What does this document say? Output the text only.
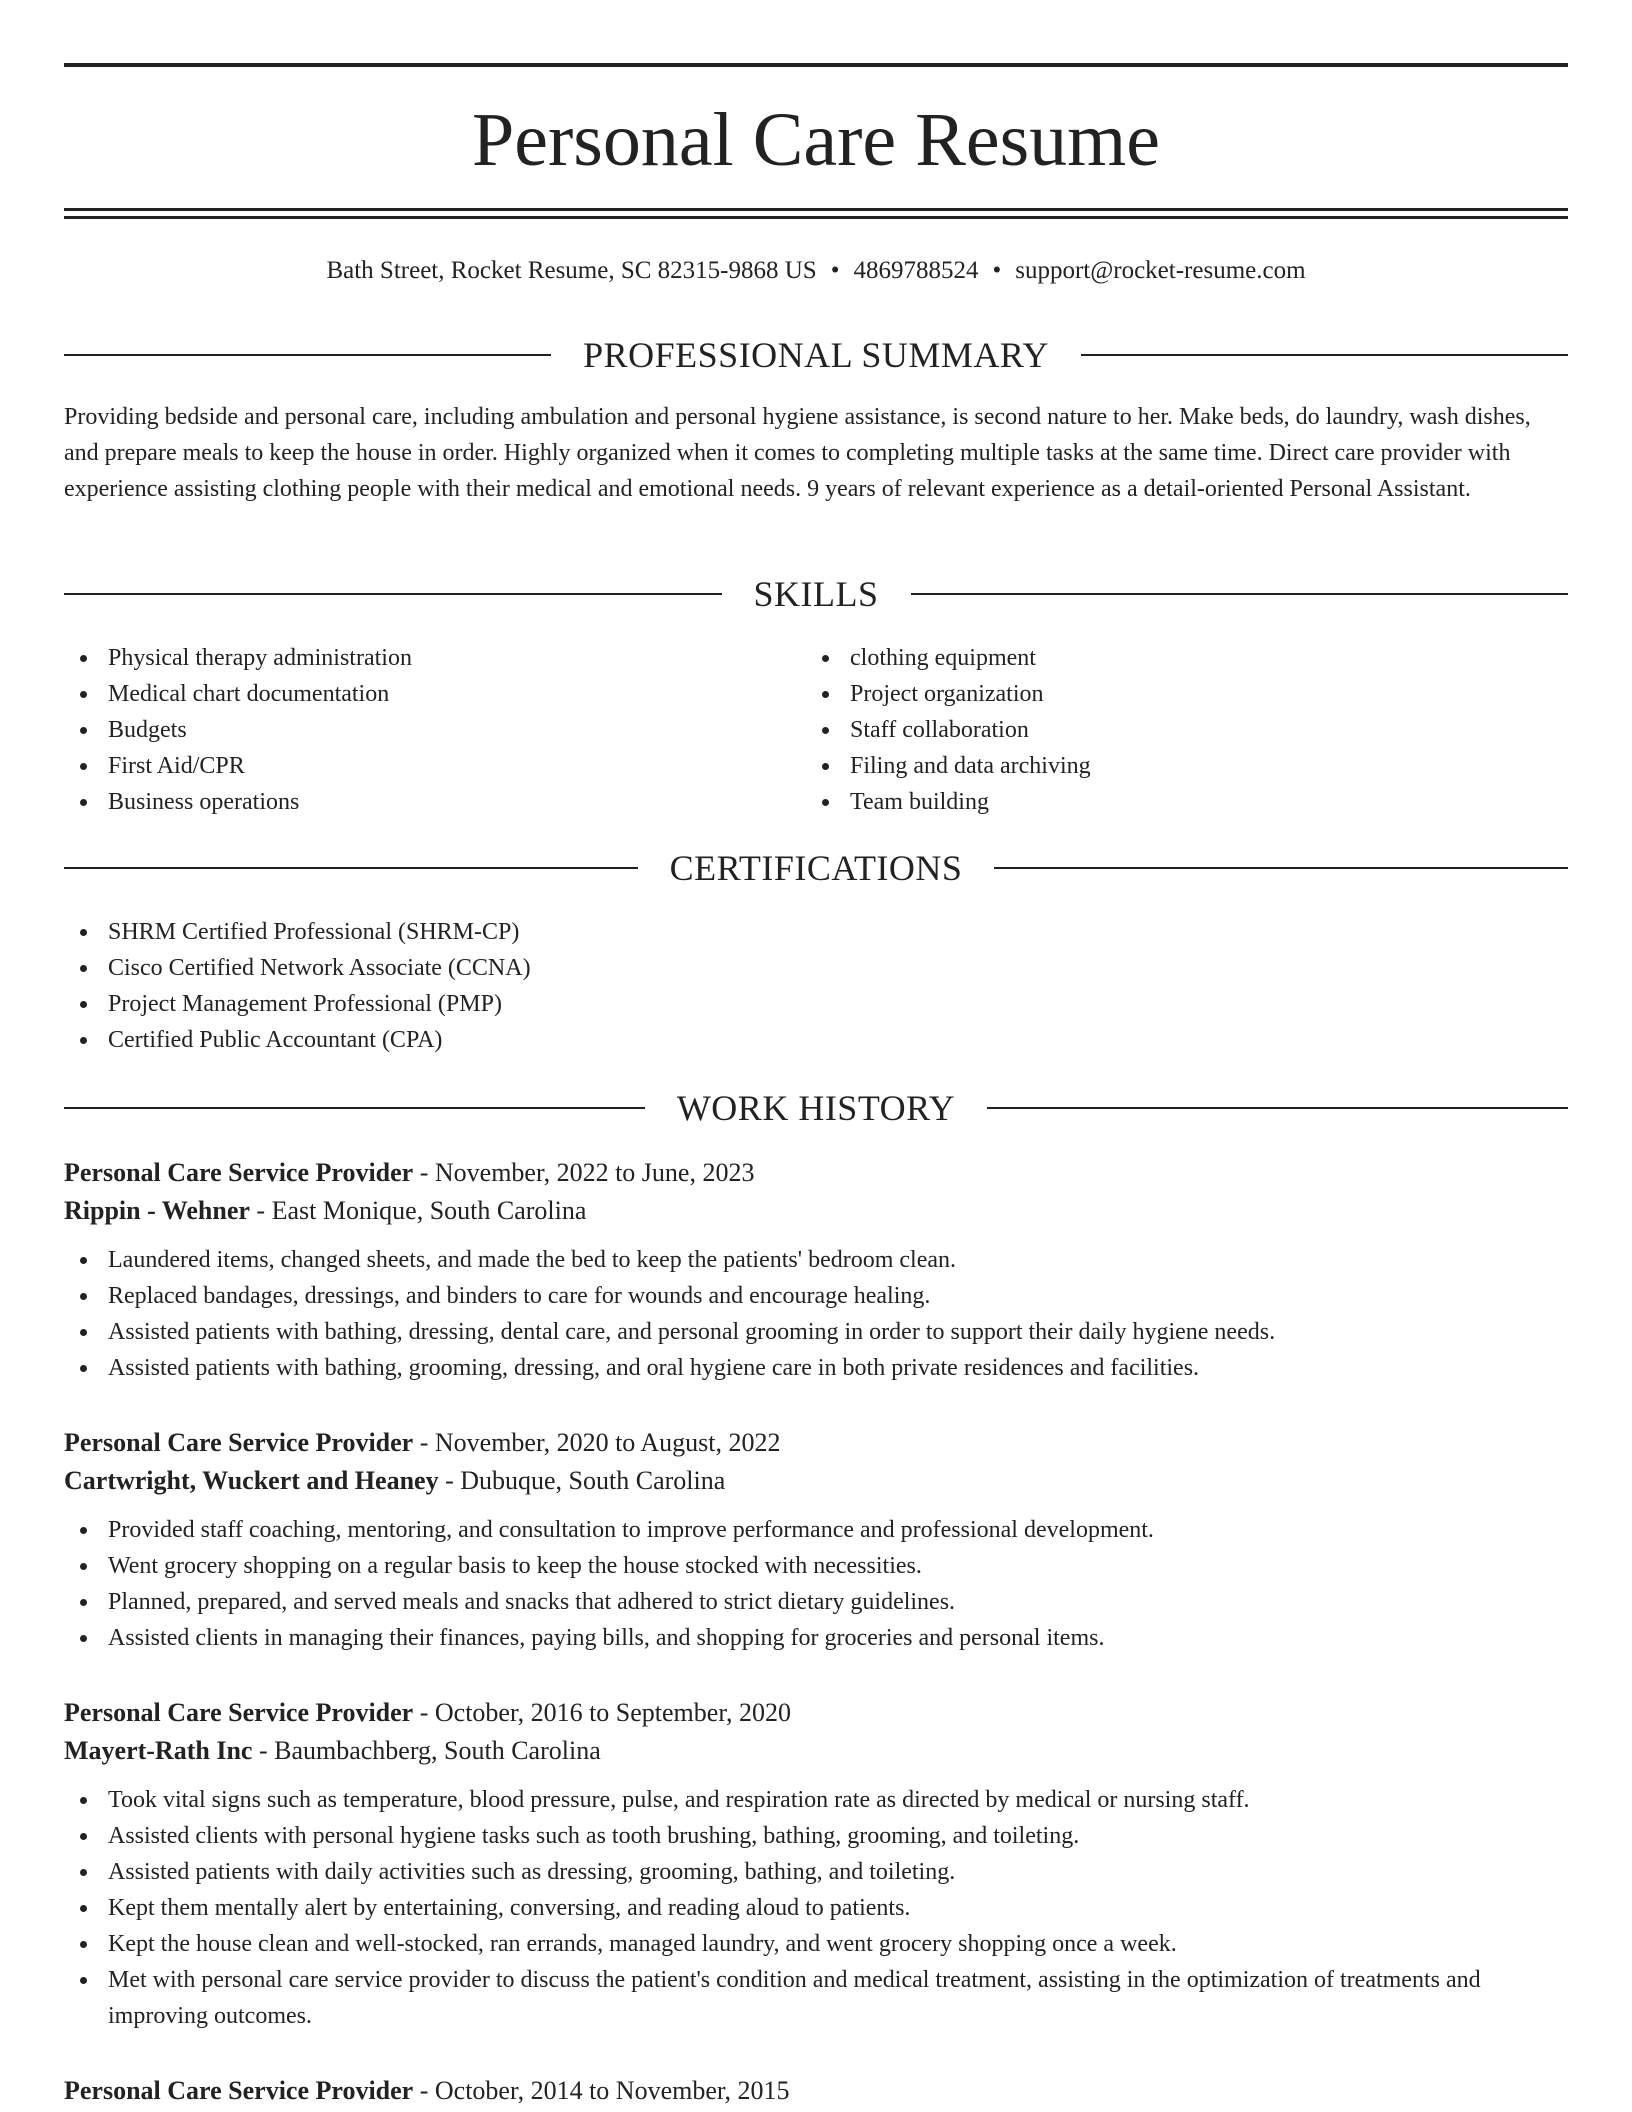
Personal Care Resume
Bath Street, Rocket Resume, SC 82315-9868 US • 4869788524 • support@rocket-resume.com
PROFESSIONAL SUMMARY
Providing bedside and personal care, including ambulation and personal hygiene assistance, is second nature to her. Make beds, do laundry, wash dishes, and prepare meals to keep the house in order. Highly organized when it comes to completing multiple tasks at the same time. Direct care provider with experience assisting clothing people with their medical and emotional needs. 9 years of relevant experience as a detail-oriented Personal Assistant.
SKILLS
Physical therapy administration
Medical chart documentation
Budgets
First Aid/CPR
Business operations
clothing equipment
Project organization
Staff collaboration
Filing and data archiving
Team building
CERTIFICATIONS
SHRM Certified Professional (SHRM-CP)
Cisco Certified Network Associate (CCNA)
Project Management Professional (PMP)
Certified Public Accountant (CPA)
WORK HISTORY
Personal Care Service Provider - November, 2022 to June, 2023
Rippin - Wehner - East Monique, South Carolina
Laundered items, changed sheets, and made the bed to keep the patients' bedroom clean.
Replaced bandages, dressings, and binders to care for wounds and encourage healing.
Assisted patients with bathing, dressing, dental care, and personal grooming in order to support their daily hygiene needs.
Assisted patients with bathing, grooming, dressing, and oral hygiene care in both private residences and facilities.
Personal Care Service Provider - November, 2020 to August, 2022
Cartwright, Wuckert and Heaney - Dubuque, South Carolina
Provided staff coaching, mentoring, and consultation to improve performance and professional development.
Went grocery shopping on a regular basis to keep the house stocked with necessities.
Planned, prepared, and served meals and snacks that adhered to strict dietary guidelines.
Assisted clients in managing their finances, paying bills, and shopping for groceries and personal items.
Personal Care Service Provider - October, 2016 to September, 2020
Mayert-Rath Inc - Baumbachberg, South Carolina
Took vital signs such as temperature, blood pressure, pulse, and respiration rate as directed by medical or nursing staff.
Assisted clients with personal hygiene tasks such as tooth brushing, bathing, grooming, and toileting.
Assisted patients with daily activities such as dressing, grooming, bathing, and toileting.
Kept them mentally alert by entertaining, conversing, and reading aloud to patients.
Kept the house clean and well-stocked, ran errands, managed laundry, and went grocery shopping once a week.
Met with personal care service provider to discuss the patient's condition and medical treatment, assisting in the optimization of treatments and improving outcomes.
Personal Care Service Provider - October, 2014 to November, 2015
